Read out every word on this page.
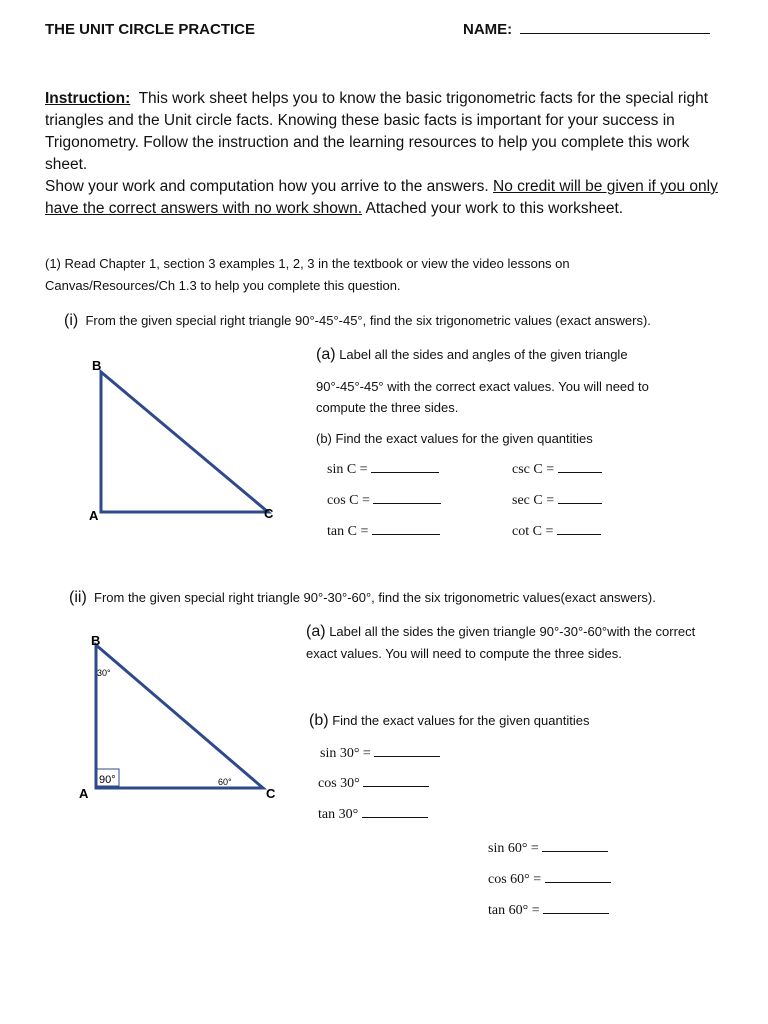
THE UNIT CIRCLE PRACTICE	NAME:

Instruction: This work sheet helps you to know the basic trigonometric facts for the special right triangles and the Unit circle facts. Knowing these basic facts is important for your success in Trigonometry. Follow the instruction and the learning resources to help you complete this work sheet.

Show your work and computation how you arrive to the answers. No credit will be given if you only have the correct answers with no work shown. Attached your work to this worksheet.

(1) Read Chapter 1, section 3 examples 1, 2, 3 in the textbook or view the video lessons on
Canvas/Resources/Ch 1.3 to help you complete this question.
(i) From the given special right triangle 90°-45°-45°, find the six trigonometric values (exact answers).
B
A	C
(a) Label all the sides and angles of the given triangle
90°-45°-45° with the correct exact values. You will need to
compute the three sides.
(b) Find the exact values for the given quantities
sin C =	csc C =
cos C =	sec C =
tan C =	cot C =
(ii) From the given special right triangle 90°-30°-60°, find the six trigonometric values(exact answers).
B
A	C
30°
90°	60°
(a) Label all the sides the given triangle 90°-30°-60°with the correct
exact values. You will need to compute the three sides.
(b) Find the exact values for the given quantities
sin 30° =
cos 30°
tan 30°
sin 60° =
cos 60° =
tan 60° =
